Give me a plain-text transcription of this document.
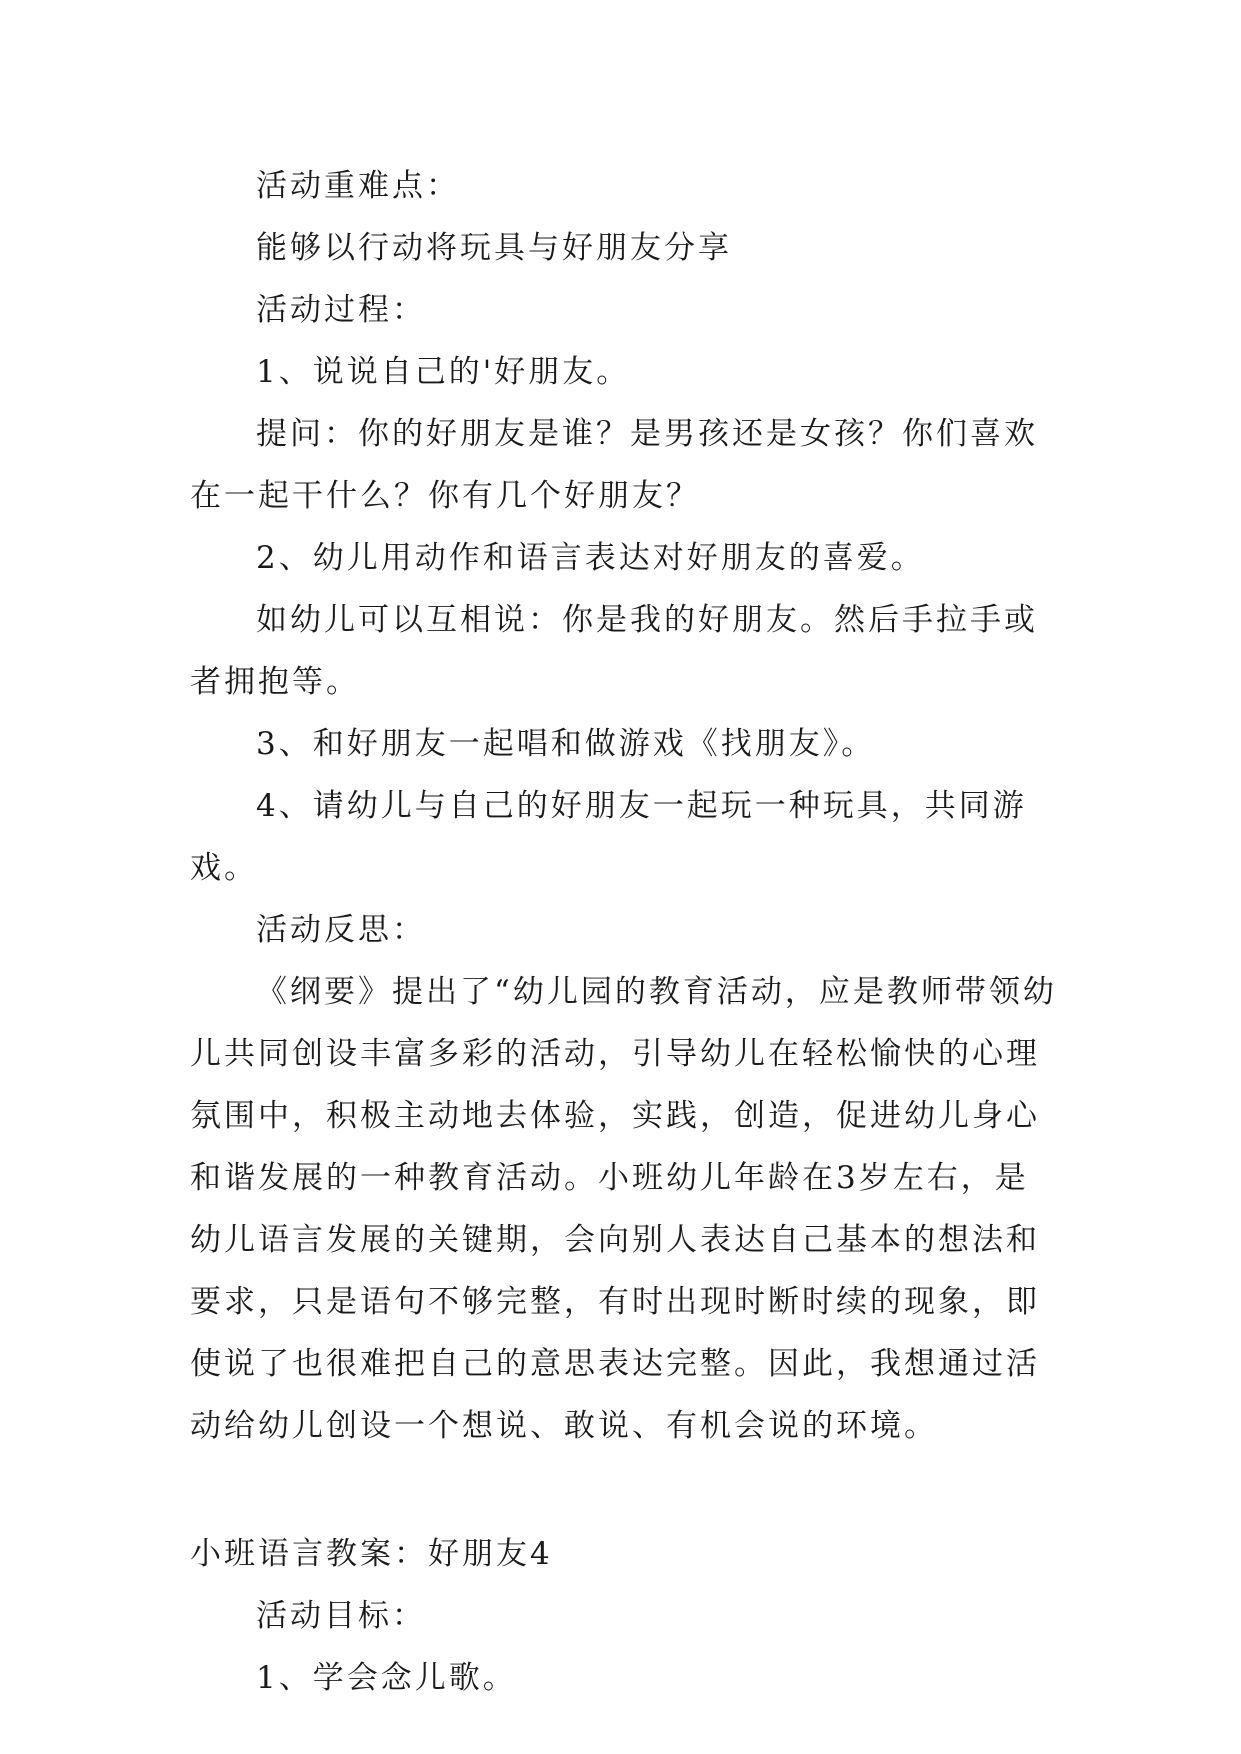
活动重难点：

能够以行动将玩具与好朋友分享

活动过程：

1、说说自己的'好朋友。

提问：你的好朋友是谁？是男孩还是女孩？你们喜欢在一起干什么？你有几个好朋友？

2、幼儿用动作和语言表达对好朋友的喜爱。

如幼儿可以互相说：你是我的好朋友。然后手拉手或者拥抱等。

3、和好朋友一起唱和做游戏《找朋友》。

4、请幼儿与自己的好朋友一起玩一种玩具，共同游戏。

活动反思：

《纲要》提出了“幼儿园的教育活动，应是教师带领幼儿共同创设丰富多彩的活动，引导幼儿在轻松愉快的心理氛围中，积极主动地去体验，实践，创造，促进幼儿身心和谐发展的一种教育活动。小班幼儿年龄在3岁左右，是幼儿语言发展的关键期，会向别人表达自己基本的想法和要求，只是语句不够完整，有时出现时断时续的现象，即使说了也很难把自己的意思表达完整。因此，我想通过活动给幼儿创设一个想说、敢说、有机会说的环境。

小班语言教案：好朋友4

活动目标：

1、学会念儿歌。
